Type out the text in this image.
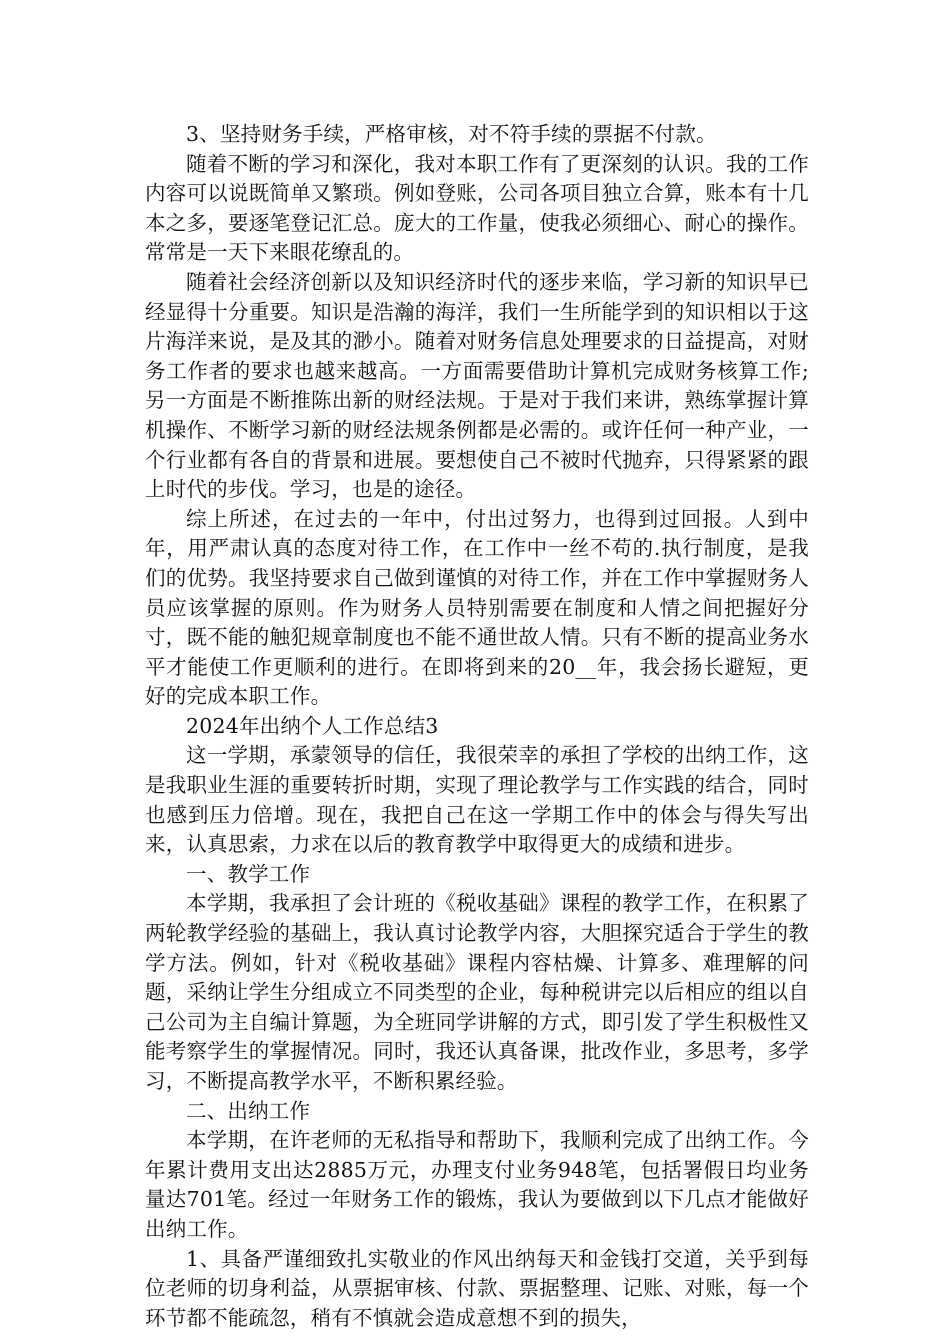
3、坚持财务手续，严格审核，对不符手续的票据不付款。

随着不断的学习和深化，我对本职工作有了更深刻的认识。我的工作内容可以说既简单又繁琐。例如登账，公司各项目独立合算，账本有十几本之多，要逐笔登记汇总。庞大的工作量，使我必须细心、耐心的操作。常常是一天下来眼花缭乱的。

随着社会经济创新以及知识经济时代的逐步来临，学习新的知识早已经显得十分重要。知识是浩瀚的海洋，我们一生所能学到的知识相以于这片海洋来说，是及其的渺小。随着对财务信息处理要求的日益提高，对财务工作者的要求也越来越高。一方面需要借助计算机完成财务核算工作;另一方面是不断推陈出新的财经法规。于是对于我们来讲，熟练掌握计算机操作、不断学习新的财经法规条例都是必需的。或许任何一种产业，一个行业都有各自的背景和进展。要想使自己不被时代抛弃，只得紧紧的跟上时代的步伐。学习，也是的途径。

综上所述，在过去的一年中，付出过努力，也得到过回报。人到中年，用严肃认真的态度对待工作，在工作中一丝不苟的.执行制度，是我们的优势。我坚持要求自己做到谨慎的对待工作，并在工作中掌握财务人员应该掌握的原则。作为财务人员特别需要在制度和人情之间把握好分寸，既不能的触犯规章制度也不能不通世故人情。只有不断的提高业务水平才能使工作更顺利的进行。在即将到来的20__年，我会扬长避短，更好的完成本职工作。

2024年出纳个人工作总结3

这一学期，承蒙领导的信任，我很荣幸的承担了学校的出纳工作，这是我职业生涯的重要转折时期，实现了理论教学与工作实践的结合，同时也感到压力倍增。现在，我把自己在这一学期工作中的体会与得失写出来，认真思索，力求在以后的教育教学中取得更大的成绩和进步。

一、教学工作

本学期，我承担了会计班的《税收基础》课程的教学工作，在积累了两轮教学经验的基础上，我认真讨论教学内容，大胆探究适合于学生的教学方法。例如，针对《税收基础》课程内容枯燥、计算多、难理解的问题，采纳让学生分组成立不同类型的企业，每种税讲完以后相应的组以自己公司为主自编计算题，为全班同学讲解的方式，即引发了学生积极性又能考察学生的掌握情况。同时，我还认真备课，批改作业，多思考，多学习，不断提高教学水平，不断积累经验。

二、出纳工作

本学期，在许老师的无私指导和帮助下，我顺利完成了出纳工作。今年累计费用支出达2885万元，办理支付业务948笔，包括署假日均业务量达701笔。经过一年财务工作的锻炼，我认为要做到以下几点才能做好出纳工作。

1、具备严谨细致扎实敬业的作风出纳每天和金钱打交道，关乎到每位老师的切身利益，从票据审核、付款、票据整理、记账、对账，每一个环节都不能疏忽，稍有不慎就会造成意想不到的损失，
